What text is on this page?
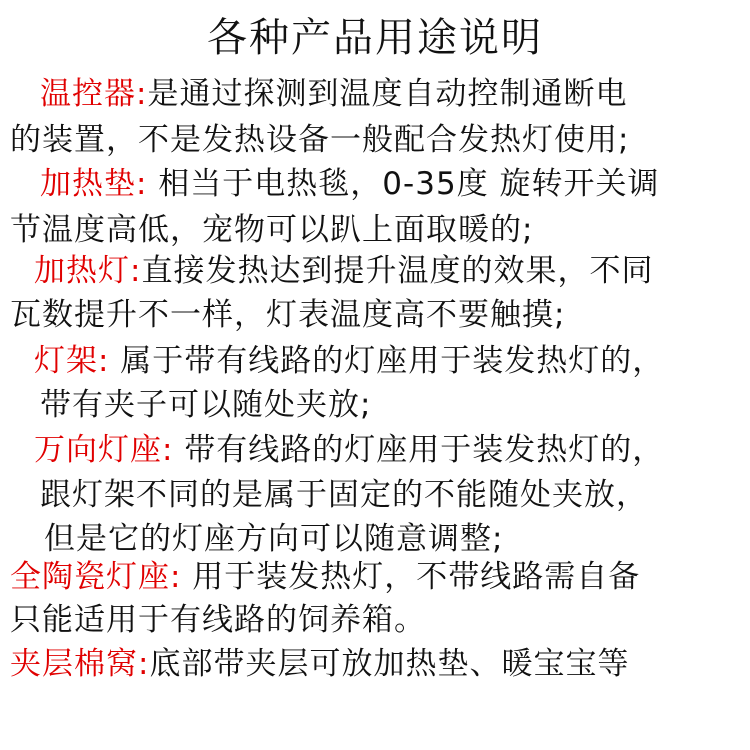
各种产品用途说明
温控器:是通过探测到温度自动控制通断电
的装置，不是发热设备一般配合发热灯使用;
加热垫: 相当于电热毯，0-35度 旋转开关调
节温度高低，宠物可以趴上面取暖的;
加热灯:直接发热达到提升温度的效果，不同
瓦数提升不一样，灯表温度高不要触摸;
灯架: 属于带有线路的灯座用于装发热灯的，
带有夹子可以随处夹放;
万向灯座: 带有线路的灯座用于装发热灯的，
跟灯架不同的是属于固定的不能随处夹放，
但是它的灯座方向可以随意调整;
全陶瓷灯座: 用于装发热灯，不带线路需自备
只能适用于有线路的饲养箱。
夹层棉窝:底部带夹层可放加热垫、暖宝宝等
